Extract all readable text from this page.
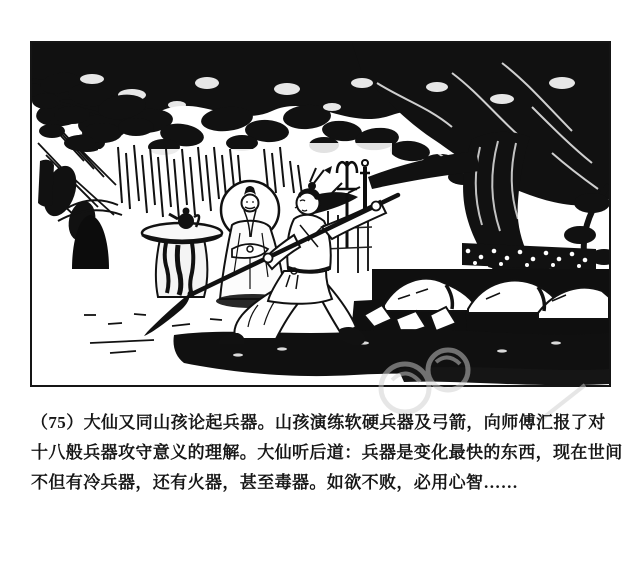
（75）大仙又同山孩论起兵器。山孩演练软硬兵器及弓箭，向师傅汇报了对
十八般兵器攻守意义的理解。大仙听后道：兵器是变化最快的东西，现在世间
不但有冷兵器，还有火器，甚至毒器。如欲不败，必用心智……
